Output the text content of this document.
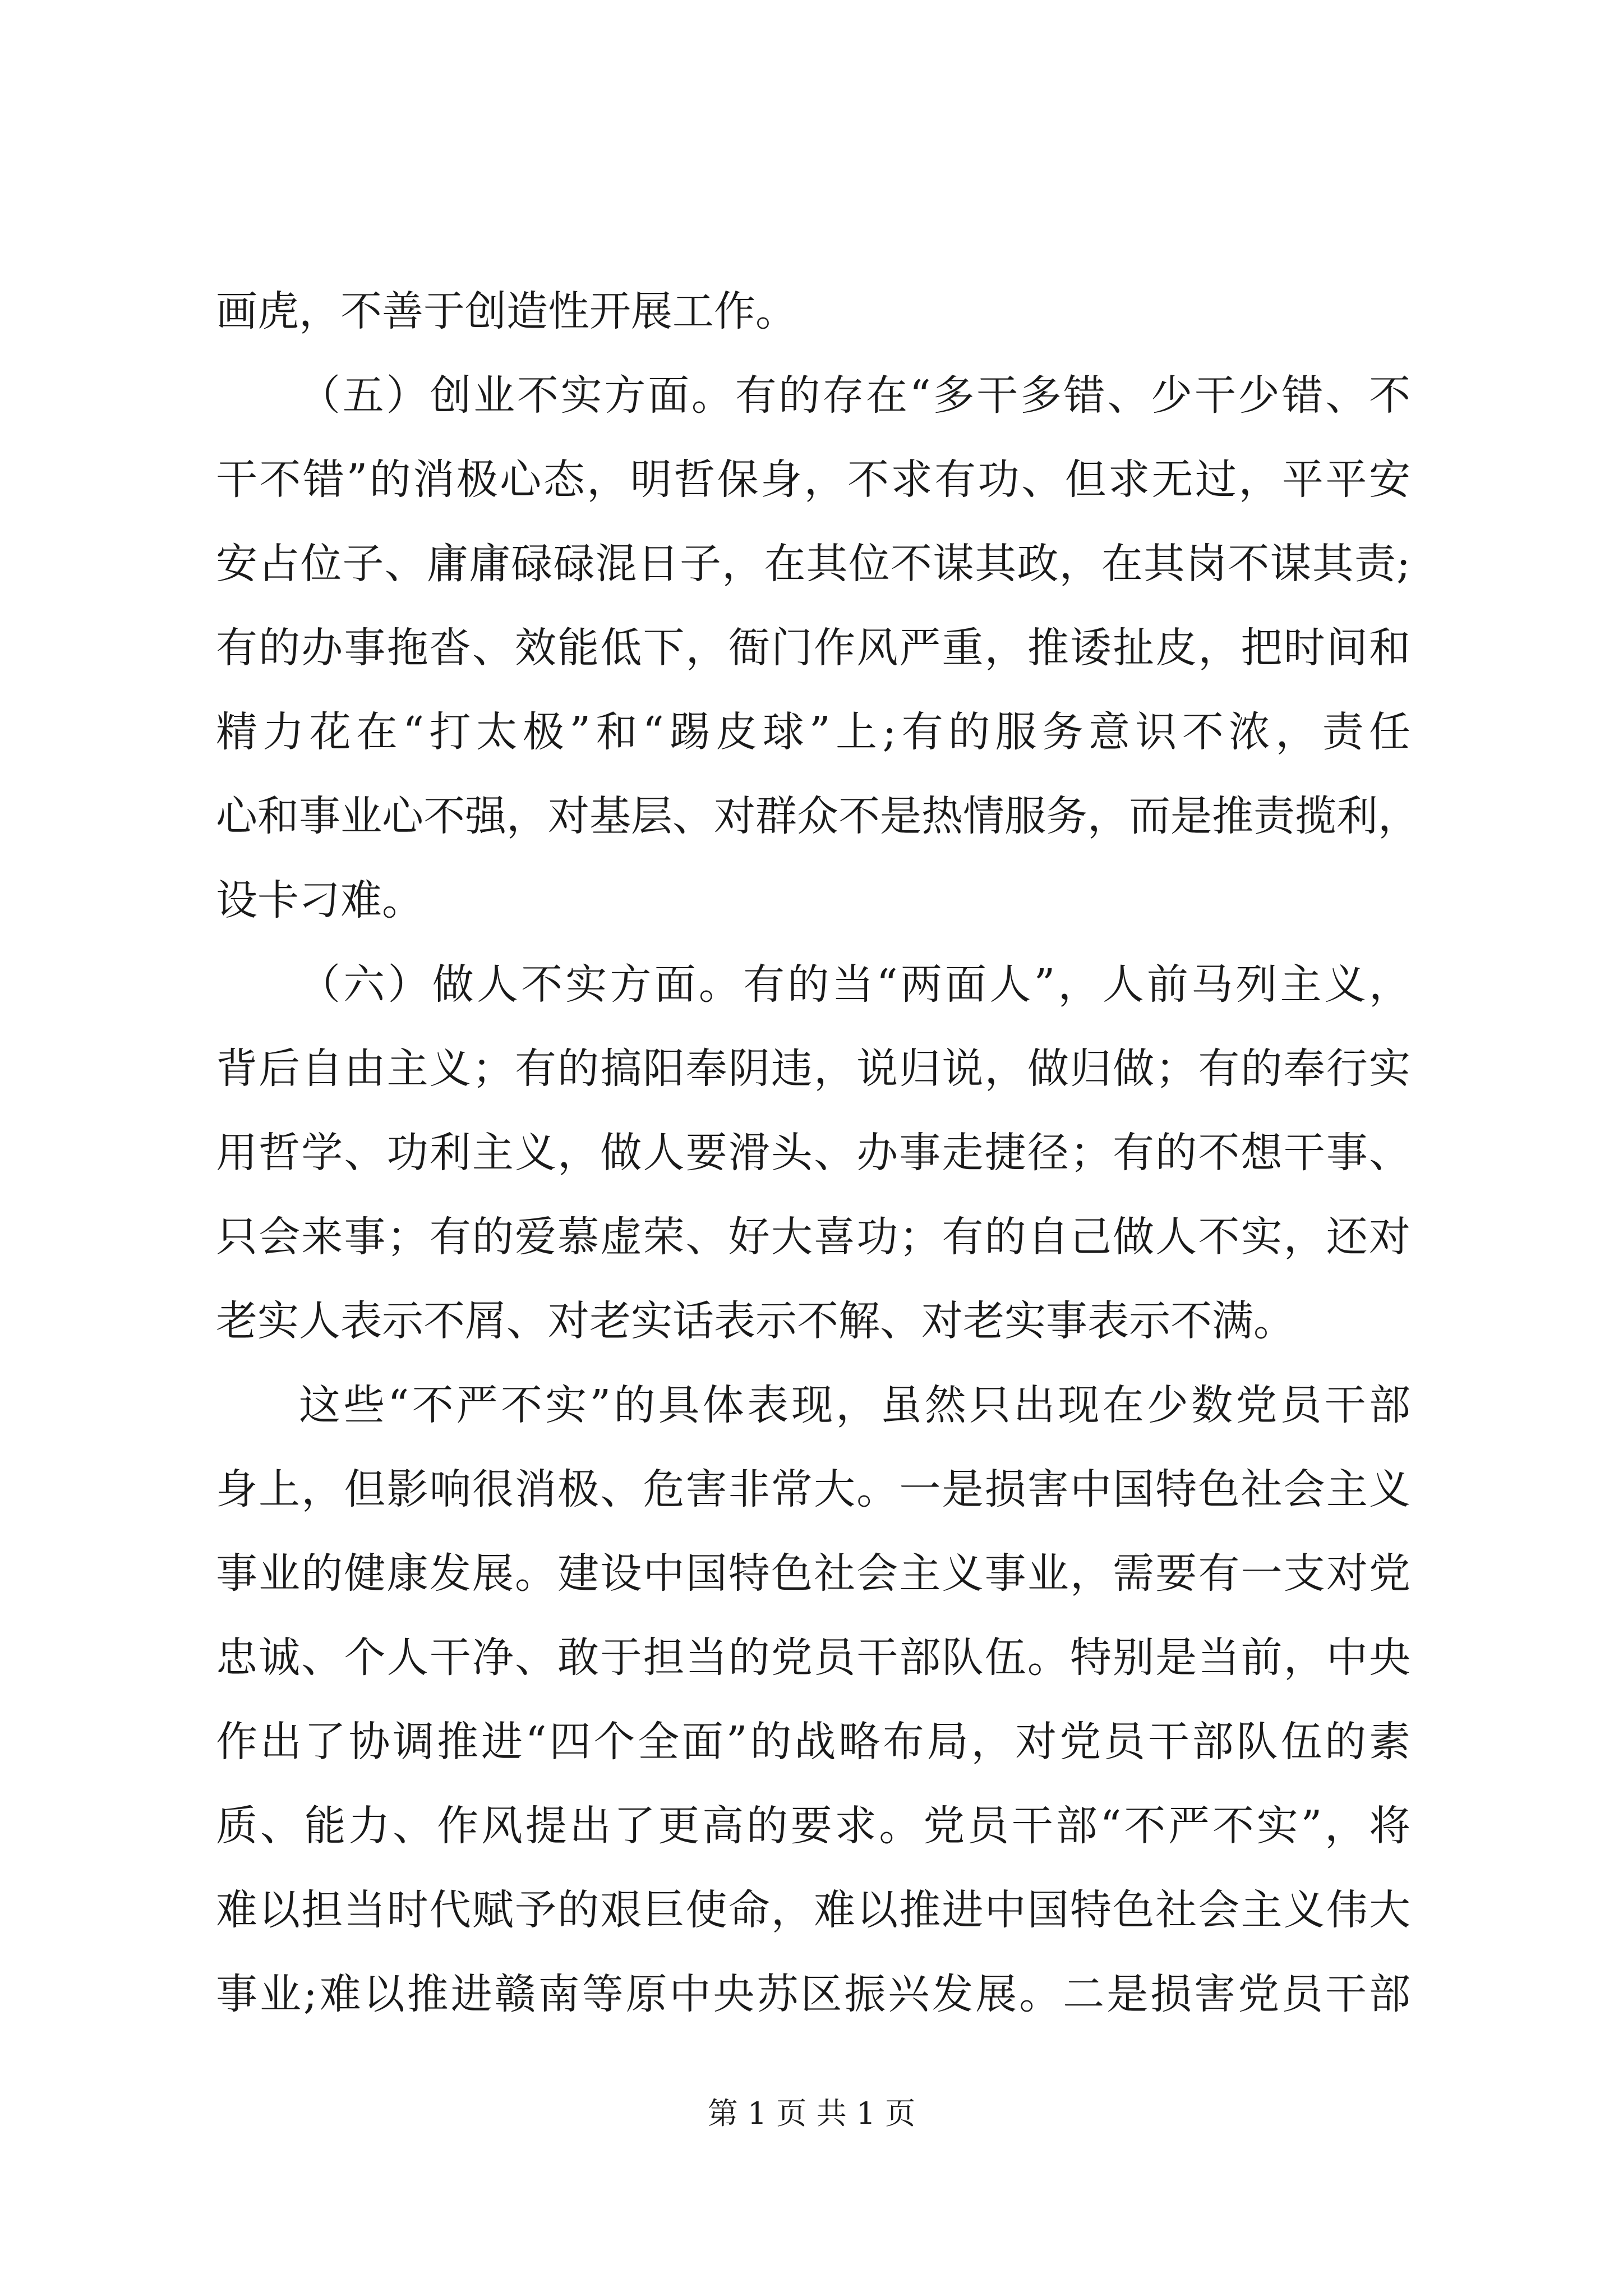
画虎，不善于创造性开展工作。
（五）创业不实方面。有的存在“多干多错、少干少错、不
干不错”的消极心态，明哲保身，不求有功、但求无过，平平安
安占位子、庸庸碌碌混日子，在其位不谋其政，在其岗不谋其责;
有的办事拖沓、效能低下，衙门作风严重，推诿扯皮，把时间和
精力花在“打太极”和“踢皮球”上;有的服务意识不浓，责任
心和事业心不强，对基层、对群众不是热情服务，而是推责揽利，
设卡刁难。
（六）做人不实方面。有的当“两面人”，人前马列主义，
背后自由主义；有的搞阳奉阴违，说归说，做归做；有的奉行实
用哲学、功利主义，做人要滑头、办事走捷径；有的不想干事、
只会来事；有的爱慕虚荣、好大喜功；有的自己做人不实，还对
老实人表示不屑、对老实话表示不解、对老实事表示不满。
这些“不严不实”的具体表现，虽然只出现在少数党员干部
身上，但影响很消极、危害非常大。一是损害中国特色社会主义
事业的健康发展。建设中国特色社会主义事业，需要有一支对党
忠诚、个人干净、敢于担当的党员干部队伍。特别是当前，中央
作出了协调推进“四个全面”的战略布局，对党员干部队伍的素
质、能力、作风提出了更高的要求。党员干部“不严不实”，将
难以担当时代赋予的艰巨使命，难以推进中国特色社会主义伟大
事业;难以推进赣南等原中央苏区振兴发展。二是损害党员干部
第 1 页 共 1 页
